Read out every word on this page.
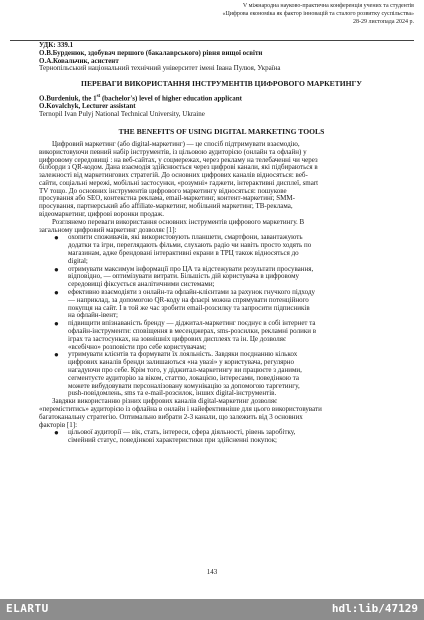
V міжнародна науково-практична конференція учених та студентів
«Цифрова економіка як фактор інновацій та сталого розвитку суспільства»
28-29 листопада 2024 р.
УДК: 339.1
О.В.Бурденюк, здобувач першого (бакалаврського) рівня вищої освіти
О.А.Ковальчик, асистент
Тернопільський національний технічний університет імені Івана Пулюя, Україна
ПЕРЕВАГИ ВИКОРИСТАННЯ ІНСТРУМЕНТІВ ЦИФРОВОГО МАРКЕТИНГУ
O.Burdeniuk, the 1st (bachelor's) level of higher education applicant
O.Kovalchyk, Lecturer assistant
Ternopil Ivan Pulyj National Technical University, Ukraine
THE BENEFITS OF USING DIGITAL MARKETING TOOLS
Цифровий маркетинг (або digital-маркетинг) — це спосіб підтримувати взаємодію,
використовуючи певний набір інструментів, із цільовою аудиторією (онлайн та офлайн) у
цифровому середовищі : на веб-сайтах, у соцмережах, через рекламу на телебаченні чи через
білборди з QR-кодом. Дана взаємодія здійснюється через цифрові канали, які підбираються в
залежності від маркетингових стратегій. До основних цифрових каналів відносяться: веб-
сайти, соціальні мережі, мобільні застосунки, «розумні» гаджети, інтерактивні дисплеї, smart
TV тощо. До основних інструментів цифрового маркетингу відносяться: пошукове
просування або SEO, контекстна реклама, email-маркетинг, контент-маркетинг, SMM-
просування, партнерський або affiliate-маркетинг, мобільний маркетинг, ТВ-реклама,
відеомаркетинг, цифрові воронки продаж.
Розглянемо переваги використання основних інструментів цифрового маркетингу. В
загальному цифровий маркетинг дозволяє [1]:
● охопити споживачів, які використовують планшети, смартфони, завантажують
додатки та ігри, переглядають фільми, слухають радіо чи навіть просто ходять по
магазинам, адже брендовані інтерактивні екрани в ТРЦ також відносяться до
digital;
● отримувати максимум інформації про ЦА та відстежувати результати просування,
відповідно, — оптимізувати витрати. Більшість дій користувача в цифровому
середовищі фіксується аналітичними системами;
● ефективно взаємодіяти з онлайн-та офлайн-клієнтами за рахунок гнучкого підходу
— наприклад, за допомогою QR-коду на флаєрі можна спрямувати потенційного
покупця на сайт. І в той же час зробити email-розсилку та запросити підписників
на офлайн-івент;
● підвищити впізнаваність бренду — діджитал-маркетинг поєднує в собі інтернет та
офлайн-інструменти: сповіщення в месенджерах, sms-розсилки, рекламні ролики в
іграх та застосунках, на зовнішніх цифрових дисплеях та ін. Це дозволяє
«всебічно» розповісти про себе користувачам;
● утримувати клієнтів та формувати їх лояльність. Завдяки поєднанню кількох
цифрових каналів бренди залишаються «на увазі» у користувача, регулярно
нагадуючи про себе. Крім того, у діджитал-маркетингу ви працюєте з даними,
сегментуєте аудиторію за віком, статтю, локацією, інтересами, поведінкою та
можете вибудовувати персоналізовану комунікацію за допомогою таргетингу,
push-повідомлень, sms та e-mail-розсилок, інших digital-інструментів.
Завдяки використанню різних цифрових каналів digital-маркетинг дозволяє
«переміститись» аудиторією із офлайна в онлайн і найефективніше для цього використовувати
багатоканальну стратегію. Оптимально вибрати 2-3 канали, що залежить від 3 основних
факторів [1]:
● цільової аудиторії — вік, стать, інтереси, сфера діяльності, рівень заробітку,
сімейний статус, поведінкові характеристики при здійсненні покупок;
143
ELARTU	hdl:lib/47129
